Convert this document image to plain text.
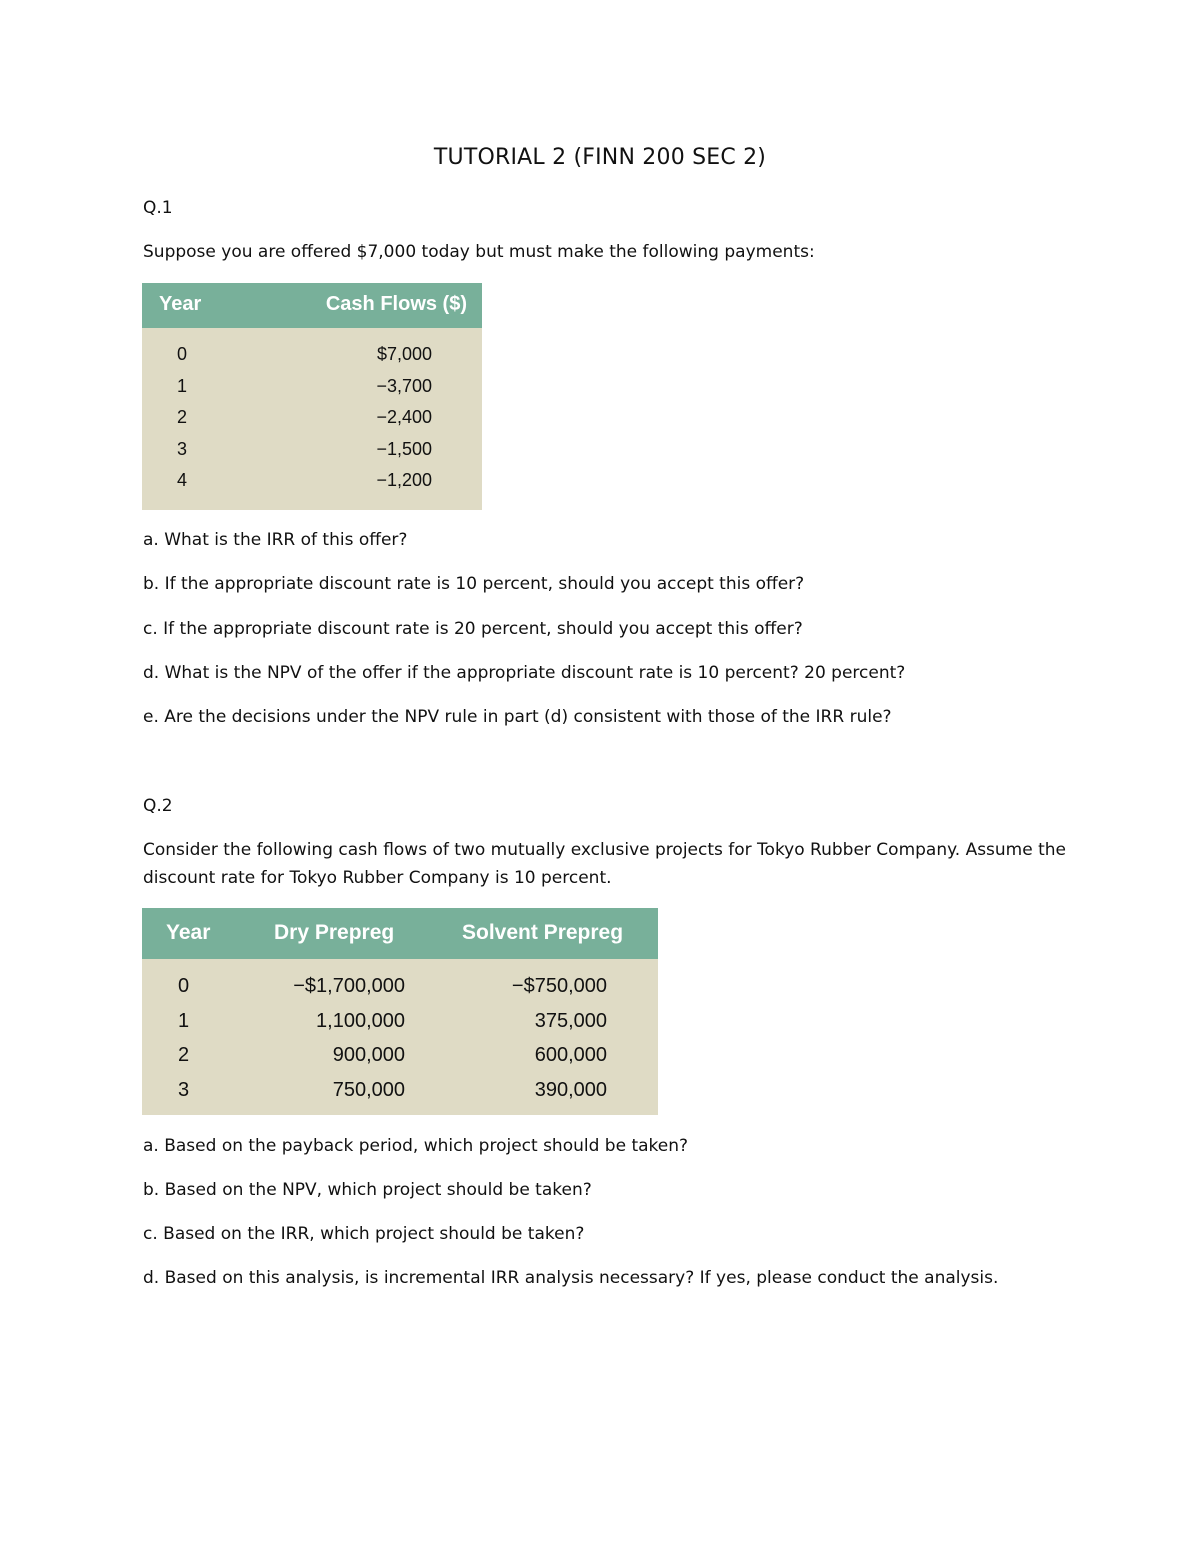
TUTORIAL 2 (FINN 200 SEC 2)
Q.1
Suppose you are offered $7,000 today but must make the following payments:
Year	Cash Flows ($)
0	$7,000
1	−3,700
2	−2,400
3	−1,500
4	−1,200
a. What is the IRR of this offer?
b. If the appropriate discount rate is 10 percent, should you accept this offer?
c. If the appropriate discount rate is 20 percent, should you accept this offer?
d. What is the NPV of the offer if the appropriate discount rate is 10 percent? 20 percent?
e. Are the decisions under the NPV rule in part (d) consistent with those of the IRR rule?
Q.2
Consider the following cash flows of two mutually exclusive projects for Tokyo Rubber Company. Assume the discount rate for Tokyo Rubber Company is 10 percent.
Year	Dry Prepreg	Solvent Prepreg
0	−$1,700,000	−$750,000
1	1,100,000	375,000
2	900,000	600,000
3	750,000	390,000
a. Based on the payback period, which project should be taken?
b. Based on the NPV, which project should be taken?
c. Based on the IRR, which project should be taken?
d. Based on this analysis, is incremental IRR analysis necessary? If yes, please conduct the analysis.
